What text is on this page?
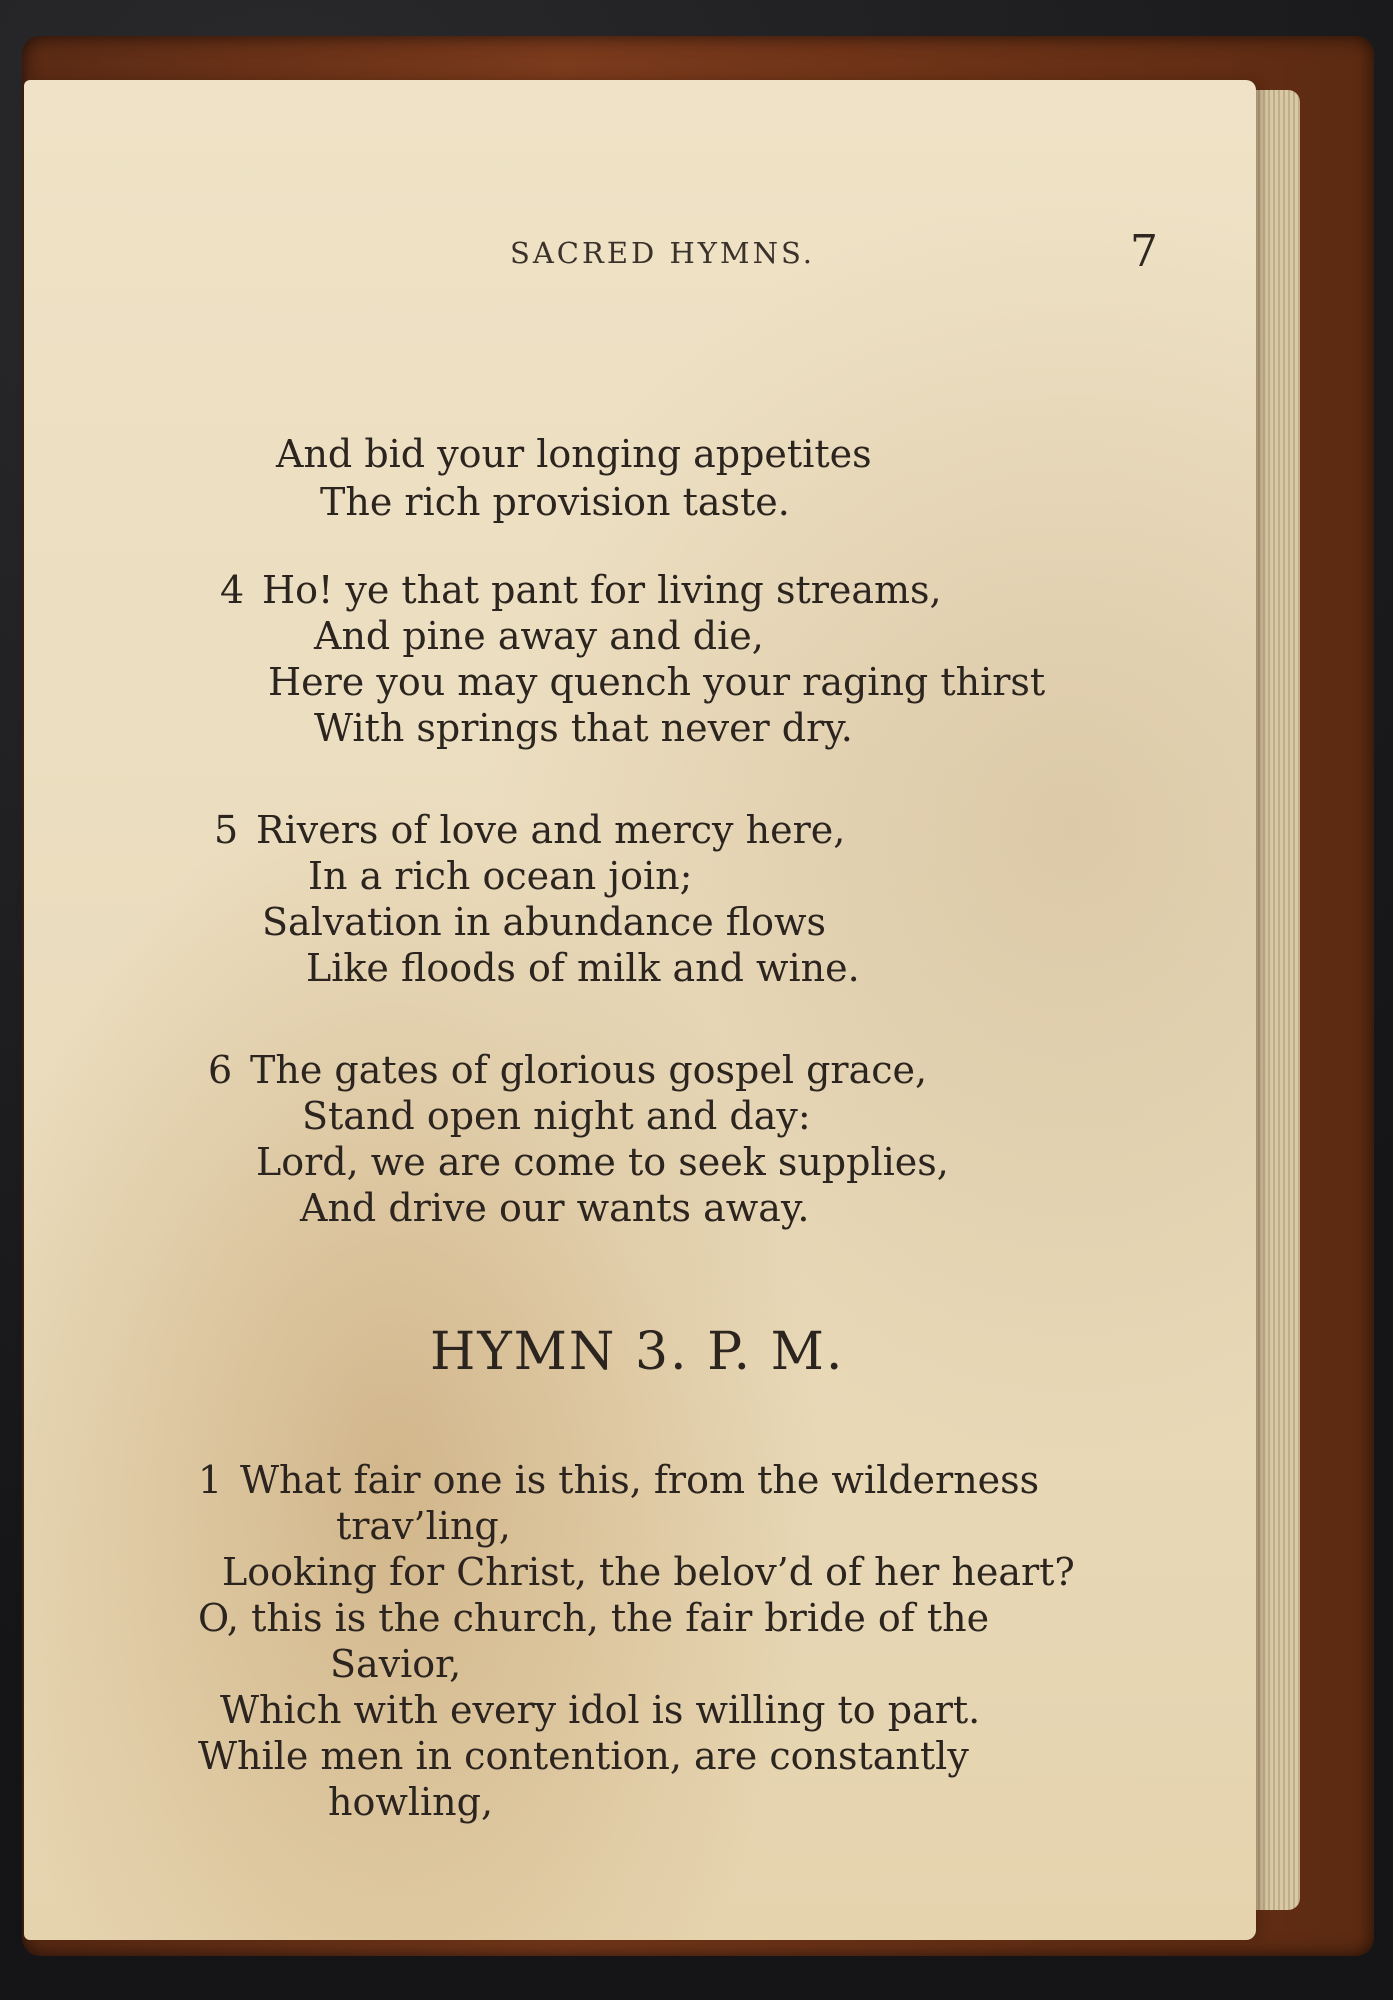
SACRED HYMNS.	7
And bid your longing appetites
The rich provision taste.
4 Ho! ye that pant for living streams,
And pine away and die,
Here you may quench your raging thirst
With springs that never dry.
5 Rivers of love and mercy here,
In a rich ocean join;
Salvation in abundance flows
Like floods of milk and wine.
6 The gates of glorious gospel grace,
Stand open night and day:
Lord, we are come to seek supplies,
And drive our wants away.
HYMN 3. P. M.
1 What fair one is this, from the wilderness
trav’ling,
Looking for Christ, the belov’d of her heart?
O, this is the church, the fair bride of the
Savior,
Which with every idol is willing to part.
While men in contention, are constantly
howling,
